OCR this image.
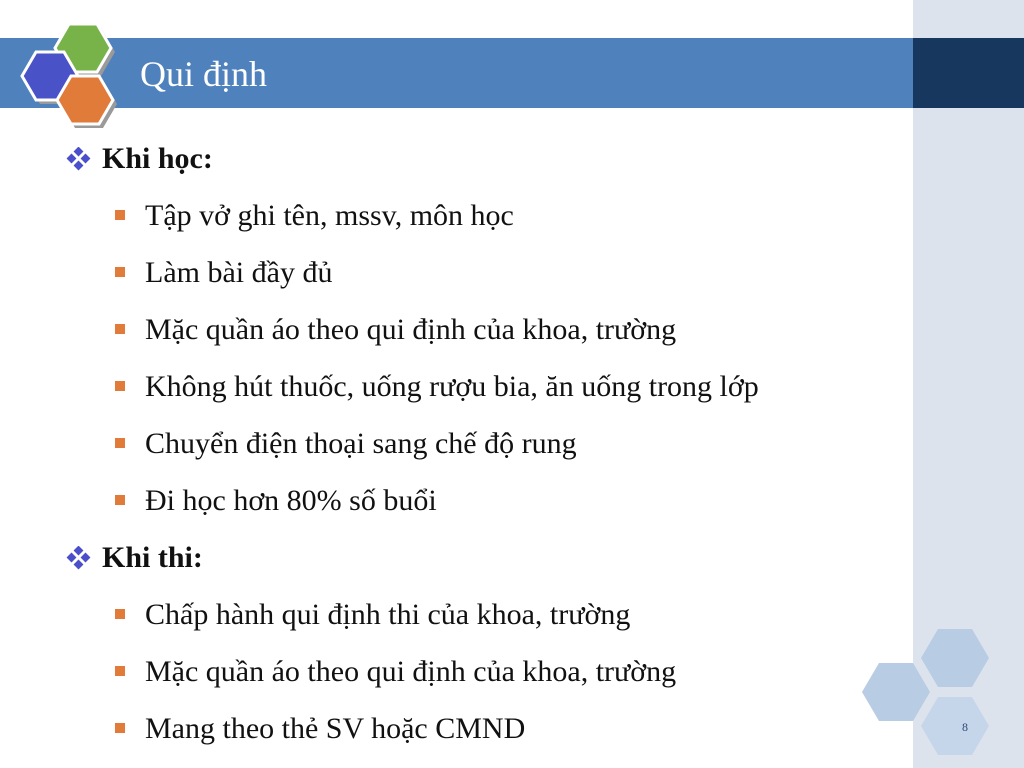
Qui định
Khi học:
Tập vở ghi tên, mssv, môn học
Làm bài đầy đủ
Mặc quần áo theo qui định của khoa, trường
Không hút thuốc, uống rượu bia, ăn uống trong lớp
Chuyển điện thoại sang chế độ rung
Đi học hơn 80% số buổi
Khi thi:
Chấp hành qui định thi của khoa, trường
Mặc quần áo theo qui định của khoa, trường
Mang theo thẻ SV hoặc CMND	8
